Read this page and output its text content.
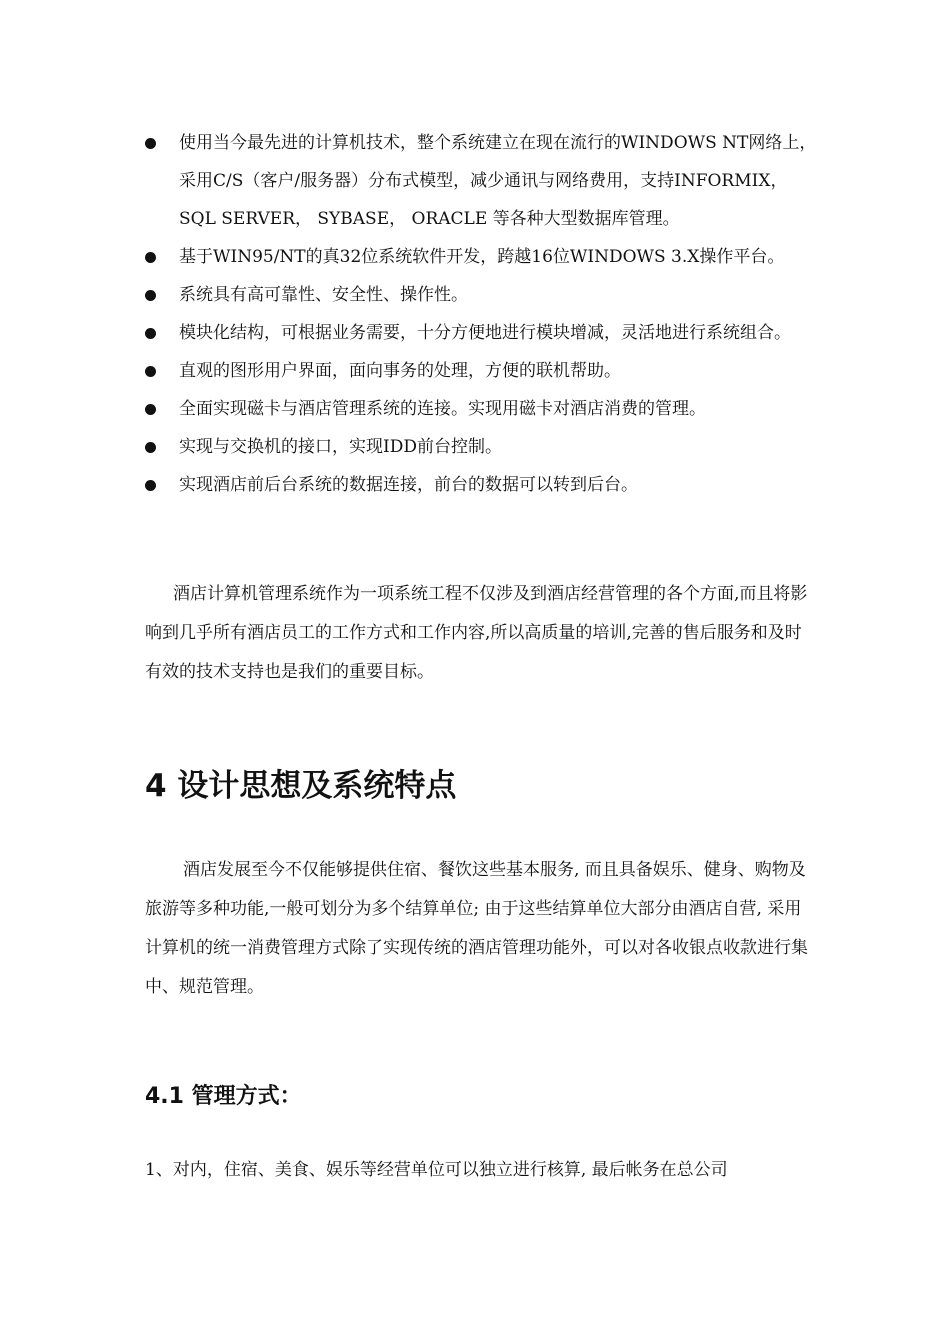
使用当今最先进的计算机技术，整个系统建立在现在流行的WINDOWS NT网络上，采用C/S（客户/服务器）分布式模型，减少通讯与网络费用，支持INFORMIX， SQL SERVER， SYBASE， ORACLE 等各种大型数据库管理。
基于WIN95/NT的真32位系统软件开发，跨越16位WINDOWS 3.X操作平台。
系统具有高可靠性、安全性、操作性。
模块化结构，可根据业务需要，十分方便地进行模块增减，灵活地进行系统组合。
直观的图形用户界面，面向事务的处理，方便的联机帮助。
全面实现磁卡与酒店管理系统的连接。实现用磁卡对酒店消费的管理。
实现与交换机的接口，实现IDD前台控制。
实现酒店前后台系统的数据连接，前台的数据可以转到后台。

酒店计算机管理系统作为一项系统工程不仅涉及到酒店经营管理的各个方面,而且将影响到几乎所有酒店员工的工作方式和工作内容,所以高质量的培训,完善的售后服务和及时有效的技术支持也是我们的重要目标。

4 设计思想及系统特点

酒店发展至今不仅能够提供住宿、餐饮这些基本服务, 而且具备娱乐、健身、购物及旅游等多种功能,一般可划分为多个结算单位; 由于这些结算单位大部分由酒店自营, 采用计算机的统一消费管理方式除了实现传统的酒店管理功能外，可以对各收银点收款进行集中、规范管理。

4.1 管理方式：

1、对内，住宿、美食、娱乐等经营单位可以独立进行核算, 最后帐务在总公司
